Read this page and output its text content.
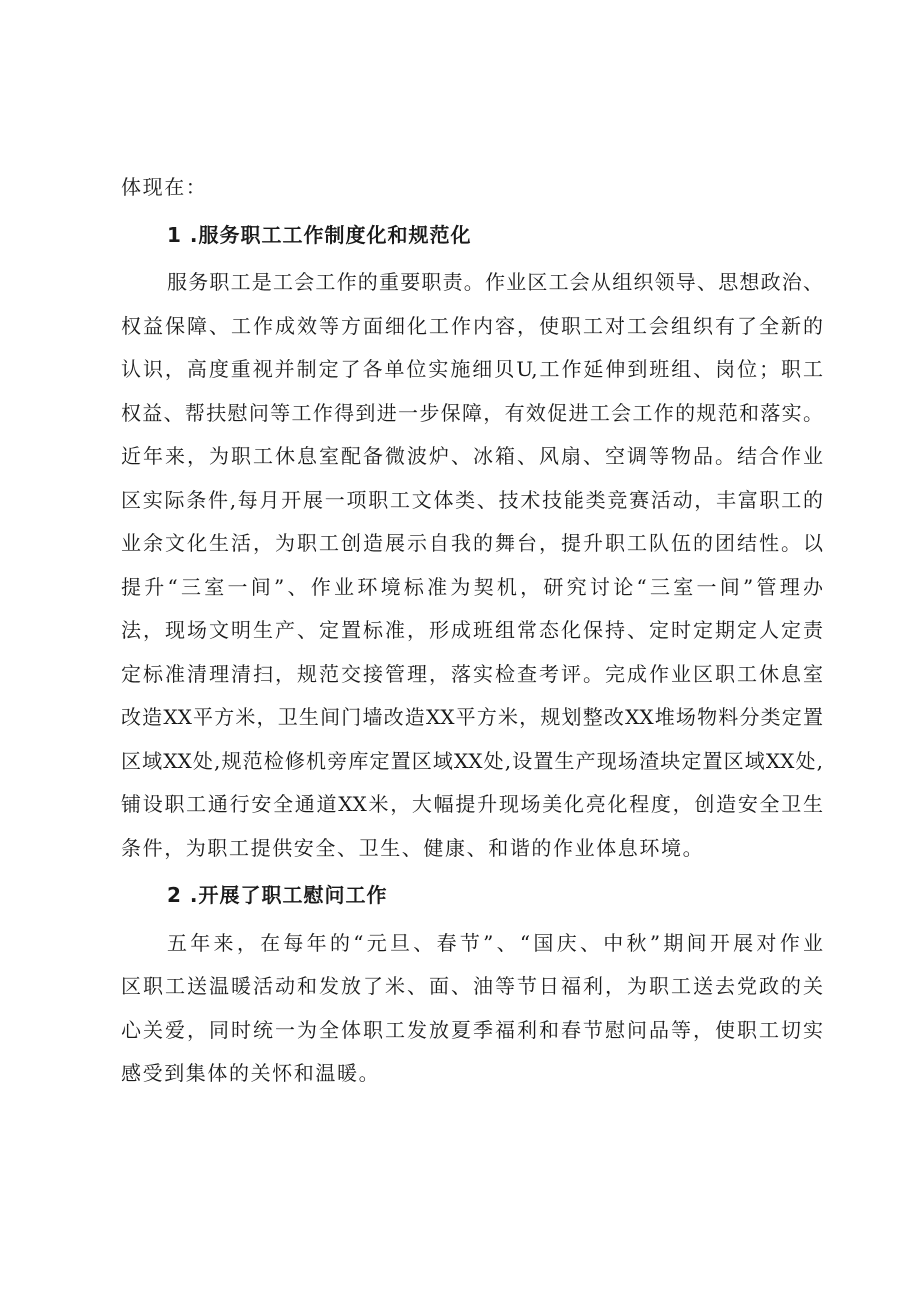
体现在：

1 .服务职工工作制度化和规范化

服务职工是工会工作的重要职责。作业区工会从组织领导、思想政治、

权益保障、工作成效等方面细化工作内容，使职工对工会组织有了全新的

认识，高度重视并制定了各单位实施细贝U,工作延伸到班组、岗位；职工

权益、帮扶慰问等工作得到进一步保障，有效促进工会工作的规范和落实。

近年来，为职工休息室配备微波炉、冰箱、风扇、空调等物品。结合作业

区实际条件,每月开展一项职工文体类、技术技能类竞赛活动，丰富职工的

业余文化生活，为职工创造展示自我的舞台，提升职工队伍的团结性。以

提升“三室一间”、作业环境标准为契机，研究讨论“三室一间”管理办

法，现场文明生产、定置标准，形成班组常态化保持、定时定期定人定责

定标准清理清扫，规范交接管理，落实检查考评。完成作业区职工休息室

改造XX平方米，卫生间门墙改造XX平方米，规划整改XX堆场物料分类定置

区域XX处,规范检修机旁库定置区域XX处,设置生产现场渣块定置区域XX处,

铺设职工通行安全通道XX米，大幅提升现场美化亮化程度，创造安全卫生

条件，为职工提供安全、卫生、健康、和谐的作业体息环境。

2 .开展了职工慰问工作

五年来，在每年的“元旦、春节”、“国庆、中秋”期间开展对作业

区职工送温暖活动和发放了米、面、油等节日福利，为职工送去党政的关

心关爱，同时统一为全体职工发放夏季福利和春节慰问品等，使职工切实

感受到集体的关怀和温暖。
